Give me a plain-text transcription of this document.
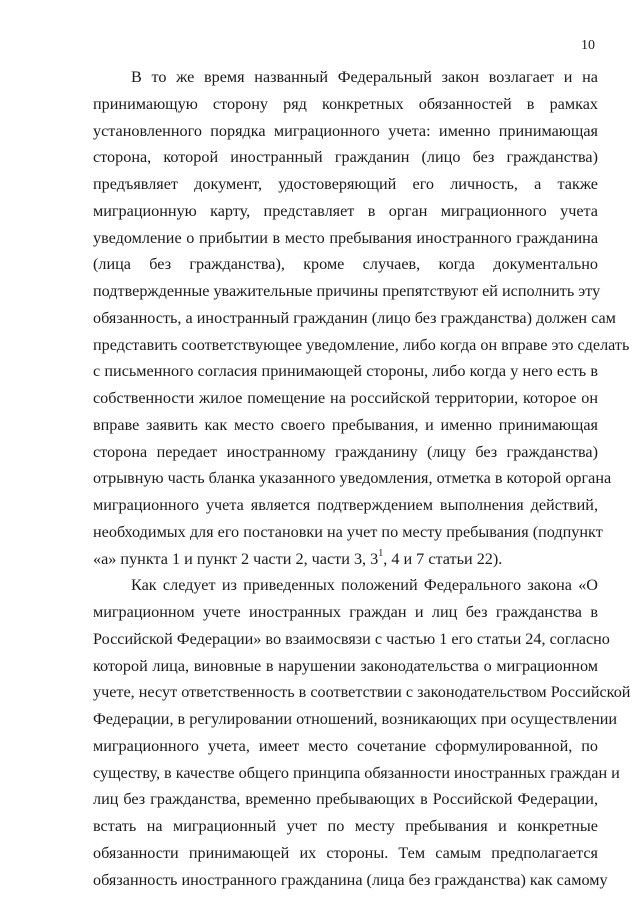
10
В то же время названный Федеральный закон возлагает и на
принимающую сторону ряд конкретных обязанностей в рамках
установленного порядка миграционного учета: именно принимающая
сторона, которой иностранный гражданин (лицо без гражданства)
предъявляет документ, удостоверяющий его личность, а также
миграционную карту, представляет в орган миграционного учета
уведомление о прибытии в место пребывания иностранного гражданина
(лица без гражданства), кроме случаев, когда документально
подтвержденные уважительные причины препятствуют ей исполнить эту
обязанность, а иностранный гражданин (лицо без гражданства) должен сам
представить соответствующее уведомление, либо когда он вправе это сделать
с письменного согласия принимающей стороны, либо когда у него есть в
собственности жилое помещение на российской территории, которое он
вправе заявить как место своего пребывания, и именно принимающая
сторона передает иностранному гражданину (лицу без гражданства)
отрывную часть бланка указанного уведомления, отметка в которой органа
миграционного учета является подтверждением выполнения действий,
необходимых для его постановки на учет по месту пребывания (подпункт
«а» пункта 1 и пункт 2 части 2, части 3, $3^1$, 4 и 7 статьи 22).
Как следует из приведенных положений Федерального закона «О
миграционном учете иностранных граждан и лиц без гражданства в
Российской Федерации» во взаимосвязи с частью 1 его статьи 24, согласно
которой лица, виновные в нарушении законодательства о миграционном
учете, несут ответственность в соответствии с законодательством Российской
Федерации, в регулировании отношений, возникающих при осуществлении
миграционного учета, имеет место сочетание сформулированной, по
существу, в качестве общего принципа обязанности иностранных граждан и
лиц без гражданства, временно пребывающих в Российской Федерации,
встать на миграционный учет по месту пребывания и конкретные
обязанности принимающей их стороны. Тем самым предполагается
обязанность иностранного гражданина (лица без гражданства) как самому
